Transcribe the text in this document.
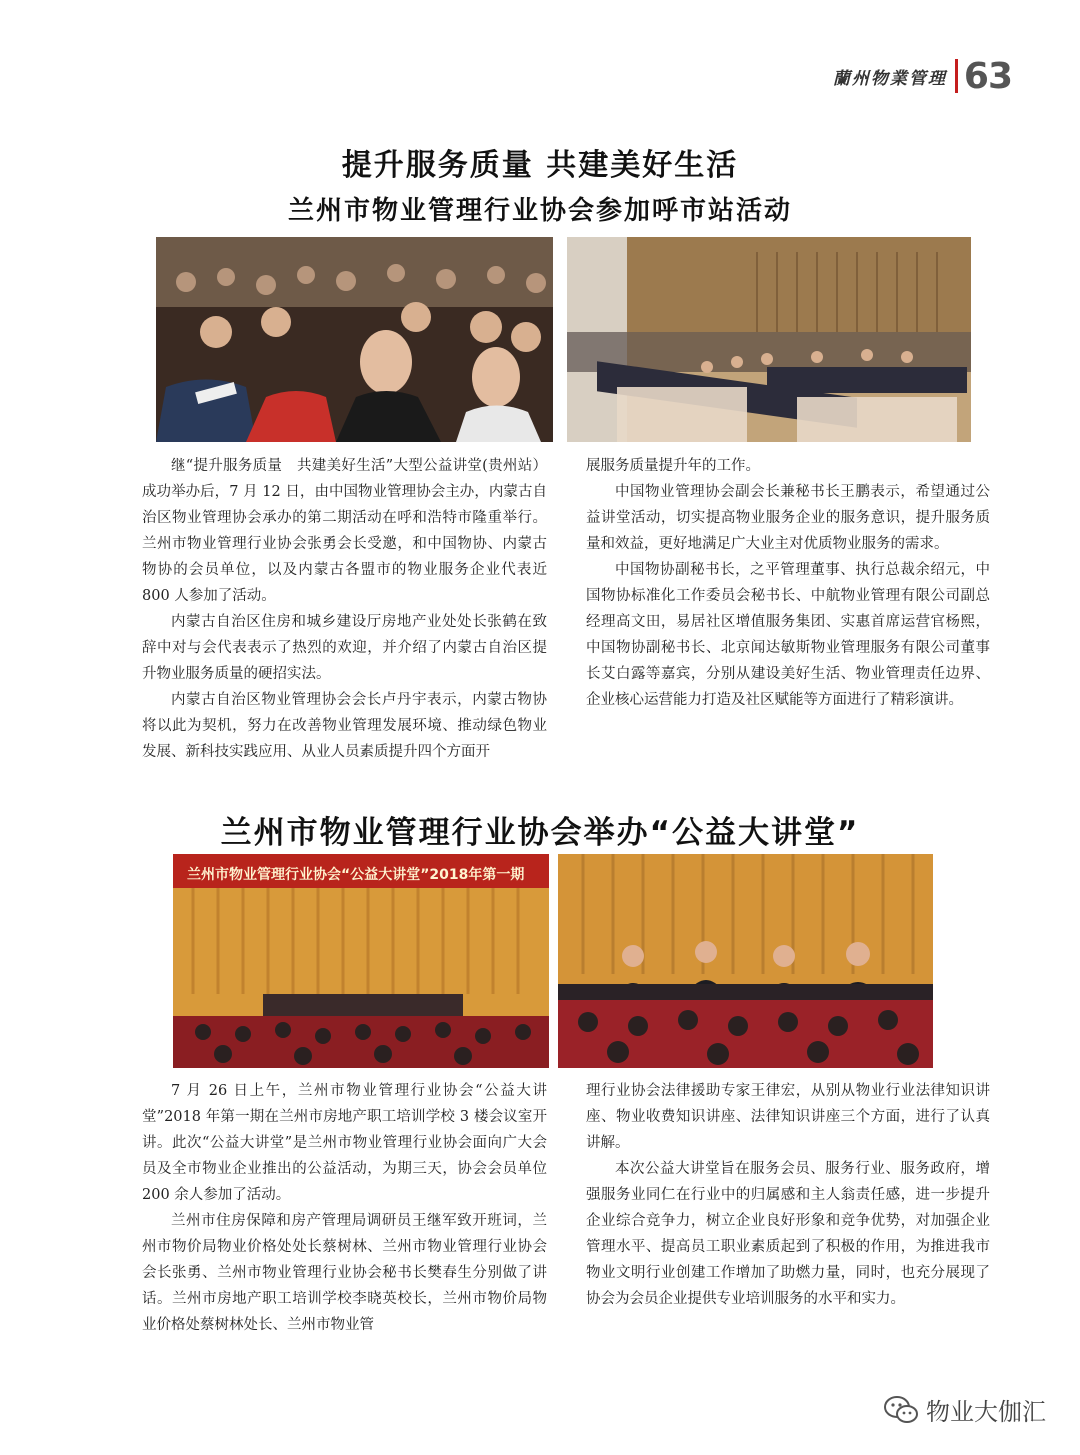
蘭州物業管理 63
提升服务质量 共建美好生活
兰州市物业管理行业协会参加呼市站活动

继“提升服务质量　共建美好生活”大型公益讲堂(贵州站）成功举办后，7 月 12 日，由中国物业管理协会主办，内蒙古自治区物业管理协会承办的第二期活动在呼和浩特市隆重举行。兰州市物业管理行业协会张勇会长受邀，和中国物协、内蒙古物协的会员单位，以及内蒙古各盟市的物业服务企业代表近 800 人参加了活动。

内蒙古自治区住房和城乡建设厅房地产业处处长张鹤在致辞中对与会代表表示了热烈的欢迎，并介绍了内蒙古自治区提升物业服务质量的硬招实法。

内蒙古自治区物业管理协会会长卢丹宇表示，内蒙古物协将以此为契机，努力在改善物业管理发展环境、推动绿色物业发展、新科技实践应用、从业人员素质提升四个方面开

展服务质量提升年的工作。

中国物业管理协会副会长兼秘书长王鹏表示，希望通过公益讲堂活动，切实提高物业服务企业的服务意识，提升服务质量和效益，更好地满足广大业主对优质物业服务的需求。

中国物协副秘书长，之平管理董事、执行总裁余绍元，中国物协标准化工作委员会秘书长、中航物业管理有限公司副总经理高文田，易居社区增值服务集团、实惠首席运营官杨熙，中国物协副秘书长、北京闻达敏斯物业管理服务有限公司董事长艾白露等嘉宾，分别从建设美好生活、物业管理责任边界、企业核心运营能力打造及社区赋能等方面进行了精彩演讲。

兰州市物业管理行业协会举办“公益大讲堂”
兰州市物业管理行业协会“公益大讲堂”2018年第一期

7 月 26 日上午，兰州市物业管理行业协会“公益大讲堂”2018 年第一期在兰州市房地产职工培训学校 3 楼会议室开讲。此次“公益大讲堂”是兰州市物业管理行业协会面向广大会员及全市物业企业推出的公益活动，为期三天，协会会员单位 200 余人参加了活动。

兰州市住房保障和房产管理局调研员王继军致开班词，兰州市物价局物业价格处处长蔡树林、兰州市物业管理行业协会会长张勇、兰州市物业管理行业协会秘书长樊春生分别做了讲话。兰州市房地产职工培训学校李晓英校长，兰州市物价局物业价格处蔡树林处长、兰州市物业管

理行业协会法律援助专家王律宏，从别从物业行业法律知识讲座、物业收费知识讲座、法律知识讲座三个方面，进行了认真讲解。

本次公益大讲堂旨在服务会员、服务行业、服务政府，增强服务业同仁在行业中的归属感和主人翁责任感，进一步提升企业综合竞争力，树立企业良好形象和竞争优势，对加强企业管理水平、提高员工职业素质起到了积极的作用，为推进我市物业文明行业创建工作增加了助燃力量，同时，也充分展现了协会为会员企业提供专业培训服务的水平和实力。

物业大伽汇
